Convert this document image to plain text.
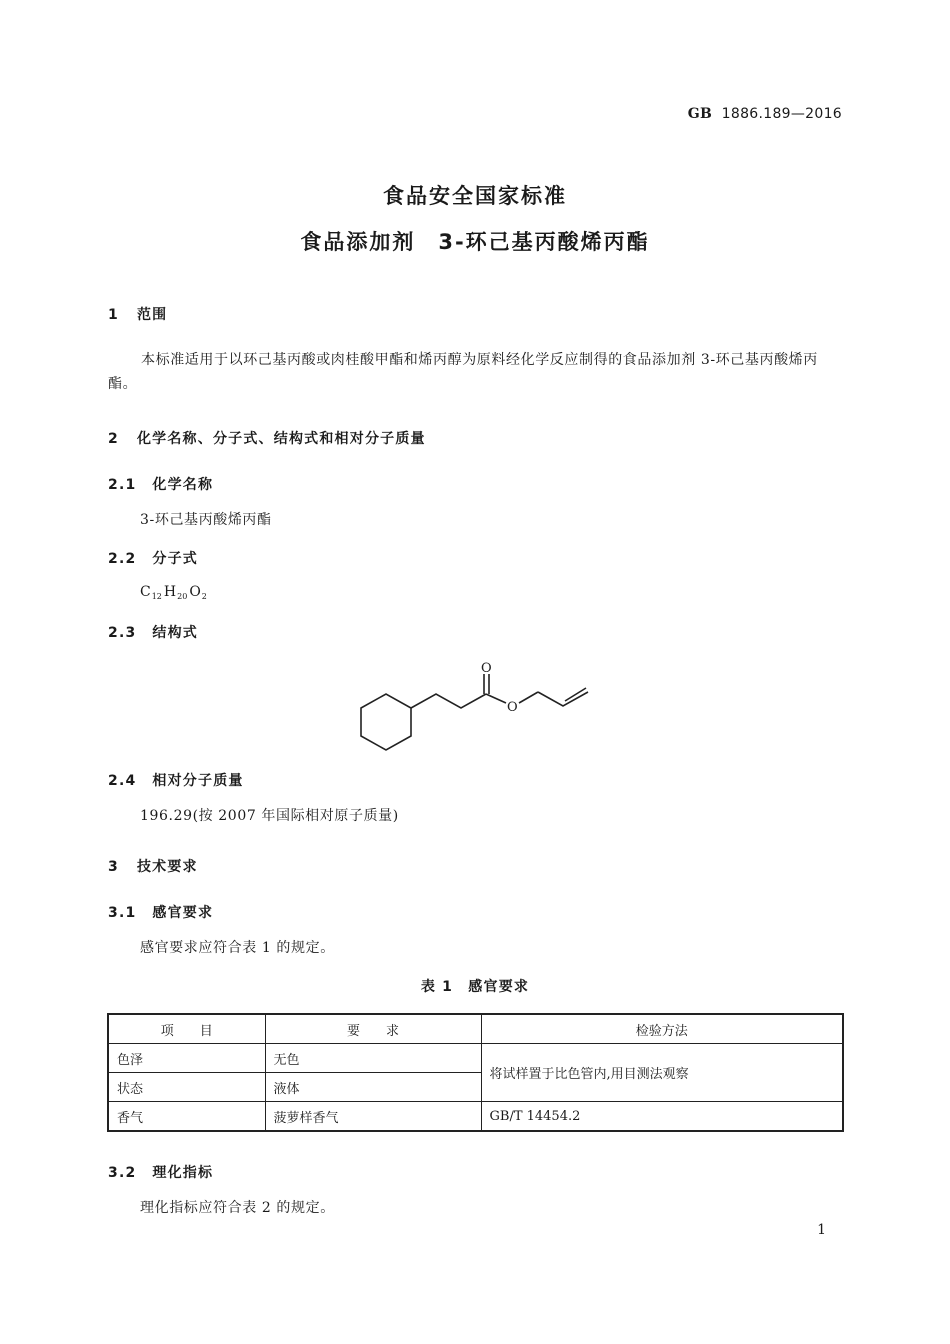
GB 1886.189—2016
食品安全国家标准
食品添加剂　3-环己基丙酸烯丙酯
1 范围
本标准适用于以环己基丙酸或肉桂酸甲酯和烯丙醇为原料经化学反应制得的食品添加剂 3-环己基丙酸烯丙酯。
2 化学名称、分子式、结构式和相对分子质量
2.1 化学名称
3-环己基丙酸烯丙酯
2.2 分子式
$C_{12}$ $H_{20}$ $O_2$
2.3 结构式
O
O
2.4 相对分子质量
196.29(按 2007 年国际相对原子质量)
3 技术要求
3.1 感官要求
感官要求应符合表 1 的规定。
表 1　感官要求
项　　目	要　　求	检验方法
色泽	无色	将试样置于比色管内,用目测法观察
状态	液体	
香气	菠萝样香气	GB/T 14454.2
3.2 理化指标
理化指标应符合表 2 的规定。
1
